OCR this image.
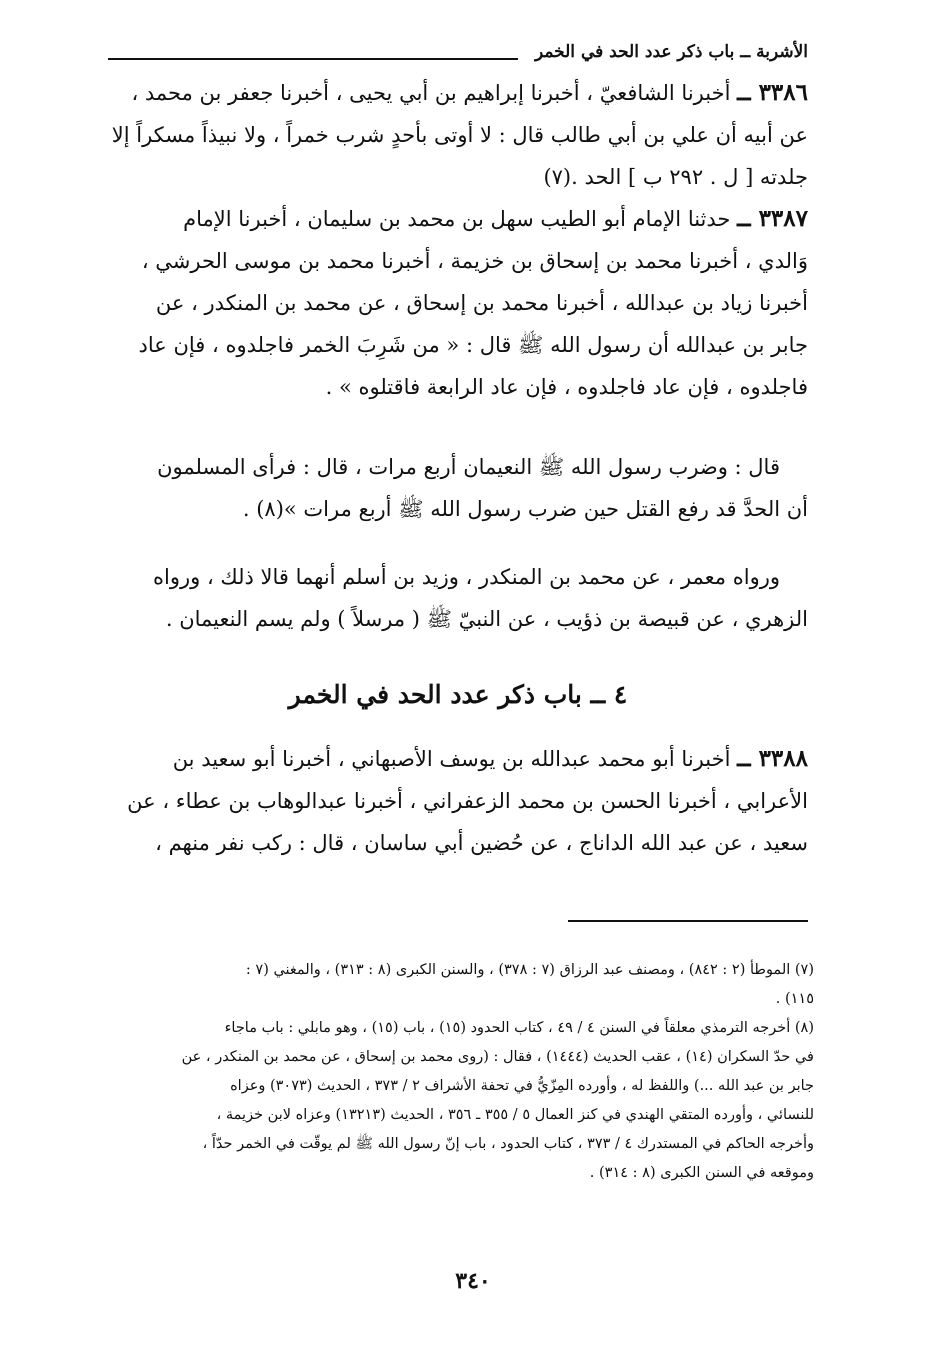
الأشربة ــ باب ذكر عدد الحد في الخمر
٣٣٨٦ ــ أخبرنا الشافعيّ ، أخبرنا إبراهيم بن أبي يحيى ، أخبرنا جعفر بن محمد ،
عن أبيه أن علي بن أبي طالب قال : لا أوتى بأحدٍ شرب خمراً ، ولا نبيذاً مسكراً إلا
جلدته [ ل . ٢٩٢ ب ] الحد .(٧)
٣٣٨٧ ــ حدثنا الإمام أبو الطيب سهل بن محمد بن سليمان ، أخبرنا الإمام
وَالدي ، أخبرنا محمد بن إسحاق بن خزيمة ، أخبرنا محمد بن موسى الحرشي ،
أخبرنا زياد بن عبدالله ، أخبرنا محمد بن إسحاق ، عن محمد بن المنكدر ، عن
جابر بن عبدالله أن رسول الله ﷺ قال : « من شَرِبَ الخمر فاجلدوه ، فإن عاد
فاجلدوه ، فإن عاد فاجلدوه ، فإن عاد الرابعة فاقتلوه » .
قال : وضرب رسول الله ﷺ النعيمان أربع مرات ، قال : فرأى المسلمون
أن الحدَّ قد رفع القتل حين ضرب رسول الله ﷺ أربع مرات »(٨) .
ورواه معمر ، عن محمد بن المنكدر ، وزيد بن أسلم أنهما قالا ذلك ، ورواه
الزهري ، عن قبيصة بن ذؤيب ، عن النبيّ ﷺ ( مرسلاً ) ولم يسم النعيمان .
٤ ــ باب ذكر عدد الحد في الخمر
٣٣٨٨ ــ أخبرنا أبو محمد عبدالله بن يوسف الأصبهاني ، أخبرنا أبو سعيد بن
الأعرابي ، أخبرنا الحسن بن محمد الزعفراني ، أخبرنا عبدالوهاب بن عطاء ، عن
سعيد ، عن عبد الله الداناج ، عن حُضين أبي ساسان ، قال : ركب نفر منهم ،
(٧) الموطأ (٢ : ٨٤٢) ، ومصنف عبد الرزاق (٧ : ٣٧٨) ، والسنن الكبرى (٨ : ٣١٣) ، والمغني (٧ :
١١٥) .
(٨) أخرجه الترمذي معلقاً في السنن ٤ / ٤٩ ، كتاب الحدود (١٥) ، باب (١٥) ، وهو مابلي : باب ماجاء
في حدّ السكران (١٤) ، عقب الحديث (١٤٤٤) ، فقال : (روى محمد بن إسحاق ، عن محمد بن المنكدر ، عن
جابر بن عبد الله ...) واللفظ له ، وأورده المِزّيُّ في تحفة الأشراف ٢ / ٣٧٣ ، الحديث (٣٠٧٣) وعزاه
للنسائي ، وأورده المتقي الهندي في كنز العمال ٥ / ٣٥٥ ـ ٣٥٦ ، الحديث (١٣٢١٣) وعزاه لابن خزيمة ،
وأخرجه الحاكم في المستدرك ٤ / ٣٧٣ ، كتاب الحدود ، باب إنّ رسول الله ﷺ لم يوقّت في الخمر حدّاً ،
وموقعه في السنن الكبرى (٨ : ٣١٤) .
٣٤٠
